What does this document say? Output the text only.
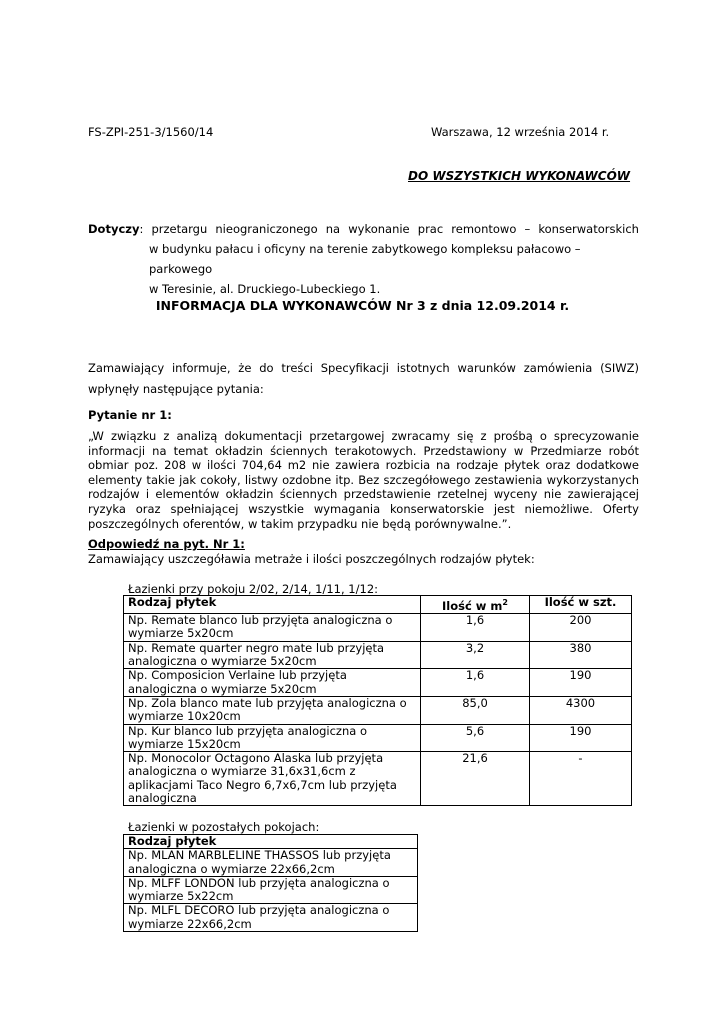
FS-ZPI-251-3/1560/14	Warszawa, 12 września 2014 r.
DO WSZYSTKICH WYKONAWCÓW
Dotyczy: przetargu nieograniczonego na wykonanie prac remontowo – konserwatorskich
w budynku pałacu i oficyny na terenie zabytkowego kompleksu pałacowo – parkowego
w Teresinie, al. Druckiego-Lubeckiego 1.
INFORMACJA DLA WYKONAWCÓW Nr 3 z dnia 12.09.2014 r.
Zamawiający informuje, że do treści Specyfikacji istotnych warunków zamówienia (SIWZ) wpłynęły następujące pytania:
Pytanie nr 1:
„W związku z analizą dokumentacji przetargowej zwracamy się z prośbą o sprecyzowanie informacji na temat okładzin ściennych terakotowych. Przedstawiony w Przedmiarze robót obmiar poz. 208 w ilości 704,64 m2 nie zawiera rozbicia na rodzaje płytek oraz dodatkowe elementy takie jak cokoły, listwy ozdobne itp. Bez szczegółowego zestawienia wykorzystanych rodzajów i elementów okładzin ściennych przedstawienie rzetelnej wyceny nie zawierającej ryzyka oraz spełniającej wszystkie wymagania konserwatorskie jest niemożliwe. Oferty poszczególnych oferentów, w takim przypadku nie będą porównywalne.”.
Odpowiedź na pyt. Nr 1:
Zamawiający uszczegóławia metraże i ilości poszczególnych rodzajów płytek:
Łazienki przy pokoju 2/02, 2/14, 1/11, 1/12:
Rodzaj płytek	Ilość w $m^2$	Ilość w szt.
Np. Remate blanco lub przyjęta analogiczna o wymiarze 5x20cm	1,6	200
Np. Remate quarter negro mate lub przyjęta analogiczna o wymiarze 5x20cm	3,2	380
Np. Composicion Verlaine lub przyjęta analogiczna o wymiarze 5x20cm	1,6	190
Np. Zola blanco mate lub przyjęta analogiczna o wymiarze 10x20cm	85,0	4300
Np. Kur blanco lub przyjęta analogiczna o wymiarze 15x20cm	5,6	190
Np. Monocolor Octagono Alaska lub przyjęta analogiczna o wymiarze 31,6x31,6cm z aplikacjami Taco Negro 6,7x6,7cm lub przyjęta analogiczna	21,6	-
Łazienki w pozostałych pokojach:
Rodzaj płytek
Np. MLAN MARBLELINE THASSOS lub przyjęta analogiczna o wymiarze 22x66,2cm
Np. MLFF LONDON lub przyjęta analogiczna o wymiarze 5x22cm
Np. MLFL DECORO lub przyjęta analogiczna o wymiarze 22x66,2cm
